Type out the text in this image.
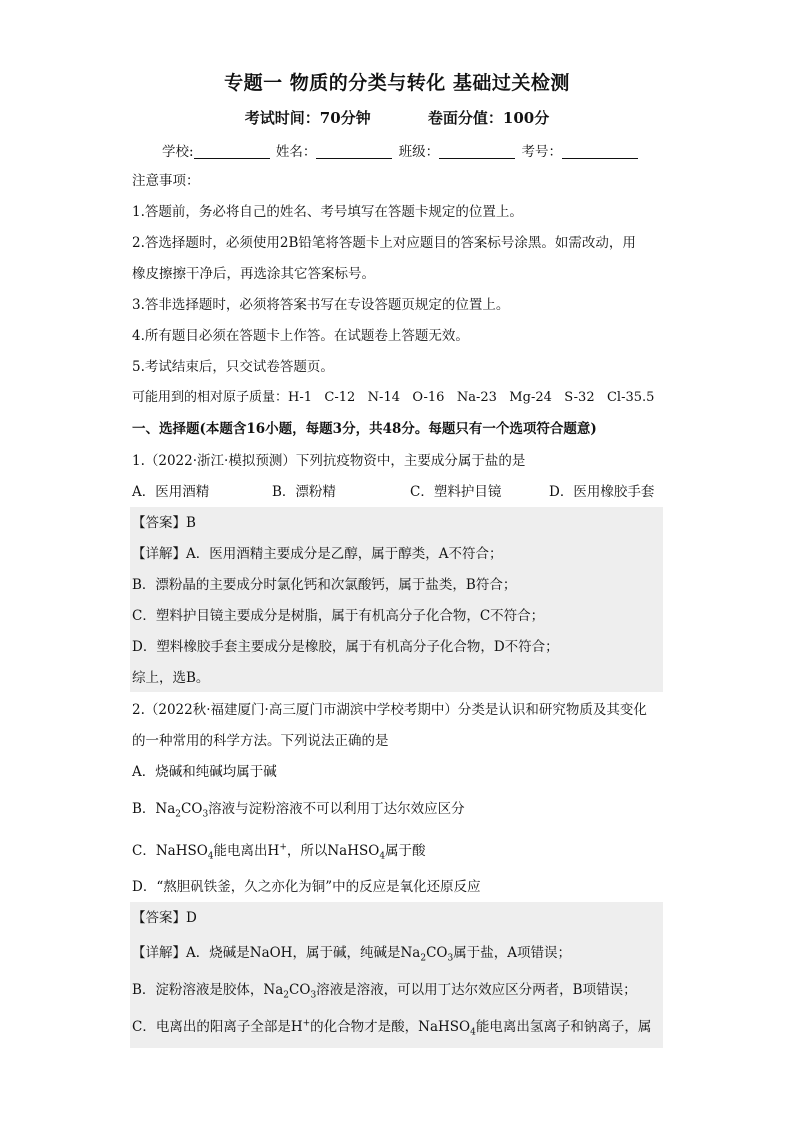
专题一 物质的分类与转化 基础过关检测
考试时间：70分钟	卷面分值：100分
学校:	姓名：	班级：	考号：
注意事项：
1.答题前，务必将自己的姓名、考号填写在答题卡规定的位置上。
2.答选择题时，必须使用2B铅笔将答题卡上对应题目的答案标号涂黑。如需改动，用
橡皮擦擦干净后，再选涂其它答案标号。
3.答非选择题时，必须将答案书写在专设答题页规定的位置上。
4.所有题目必须在答题卡上作答。在试题卷上答题无效。
5.考试结束后，只交试卷答题页。
可能用到的相对原子质量：H-1   C-12   N-14   O-16   Na-23   Mg-24   S-32   Cl-35.5
一、选择题(本题含16小题，每题3分，共48分。每题只有一个选项符合题意)
1.（2022·浙江·模拟预测）下列抗疫物资中，主要成分属于盐的是
A．医用酒精	B．漂粉精	C．塑料护目镜	D．医用橡胶手套
【答案】B
【详解】A．医用酒精主要成分是乙醇，属于醇类，A不符合；
B．漂粉晶的主要成分时氯化钙和次氯酸钙，属于盐类，B符合；
C．塑料护目镜主要成分是树脂，属于有机高分子化合物，C不符合；
D．塑料橡胶手套主要成分是橡胶，属于有机高分子化合物，D不符合；
综上，选B。
2.（2022秋·福建厦门·高三厦门市湖滨中学校考期中）分类是认识和研究物质及其变化
的一种常用的科学方法。下列说法正确的是
A．烧碱和纯碱均属于碱
B．$Na_2CO_3$溶液与淀粉溶液不可以利用丁达尔效应区分
C．NaHSO$_4$能电离出H+，所以NaHSO$_4$属于酸
D．“熬胆矾铁釜，久之亦化为铜”中的反应是氧化还原反应
【答案】D
【详解】A．烧碱是NaOH，属于碱，纯碱是$Na_2CO_3$属于盐，A项错误；
B．淀粉溶液是胶体，$Na_2CO_3$溶液是溶液，可以用丁达尔效应区分两者，B项错误；
C．电离出的阳离子全部是H+的化合物才是酸，NaHSO$_4$能电离出氢离子和钠离子，属
